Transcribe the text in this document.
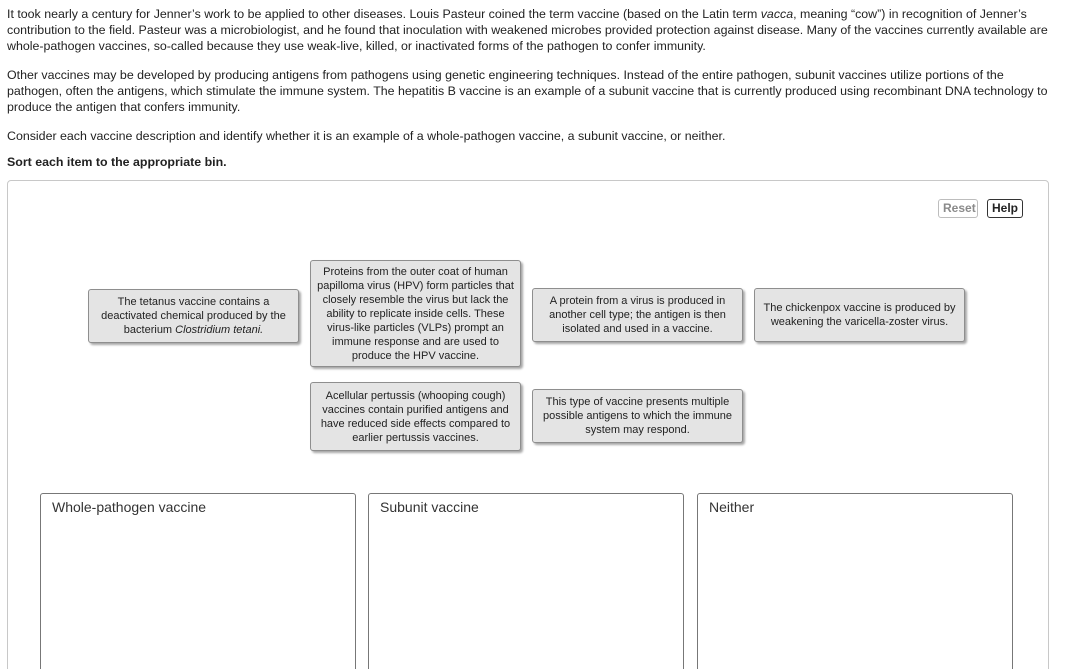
It took nearly a century for Jenner’s work to be applied to other diseases. Louis Pasteur coined the term vaccine (based on the Latin term vacca, meaning “cow”) in recognition of Jenner’s contribution to the field. Pasteur was a microbiologist, and he found that inoculation with weakened microbes provided protection against disease. Many of the vaccines currently available are whole-pathogen vaccines, so-called because they use weak-live, killed, or inactivated forms of the pathogen to confer immunity.

Other vaccines may be developed by producing antigens from pathogens using genetic engineering techniques. Instead of the entire pathogen, subunit vaccines utilize portions of the pathogen, often the antigens, which stimulate the immune system. The hepatitis B vaccine is an example of a subunit vaccine that is currently produced using recombinant DNA technology to produce the antigen that confers immunity.

Consider each vaccine description and identify whether it is an example of a whole-pathogen vaccine, a subunit vaccine, or neither.

Sort each item to the appropriate bin.

Reset	Help
The tetanus vaccine contains a deactivated chemical produced by the bacterium Clostridium tetani.
Proteins from the outer coat of human papilloma virus (HPV) form particles that closely resemble the virus but lack the ability to replicate inside cells. These virus-like particles (VLPs) prompt an immune response and are used to produce the HPV vaccine.
A protein from a virus is produced in another cell type; the antigen is then isolated and used in a vaccine.
The chickenpox vaccine is produced by weakening the varicella-zoster virus.
Acellular pertussis (whooping cough) vaccines contain purified antigens and have reduced side effects compared to earlier pertussis vaccines.
This type of vaccine presents multiple possible antigens to which the immune system may respond.
Whole-pathogen vaccine	Subunit vaccine	Neither
